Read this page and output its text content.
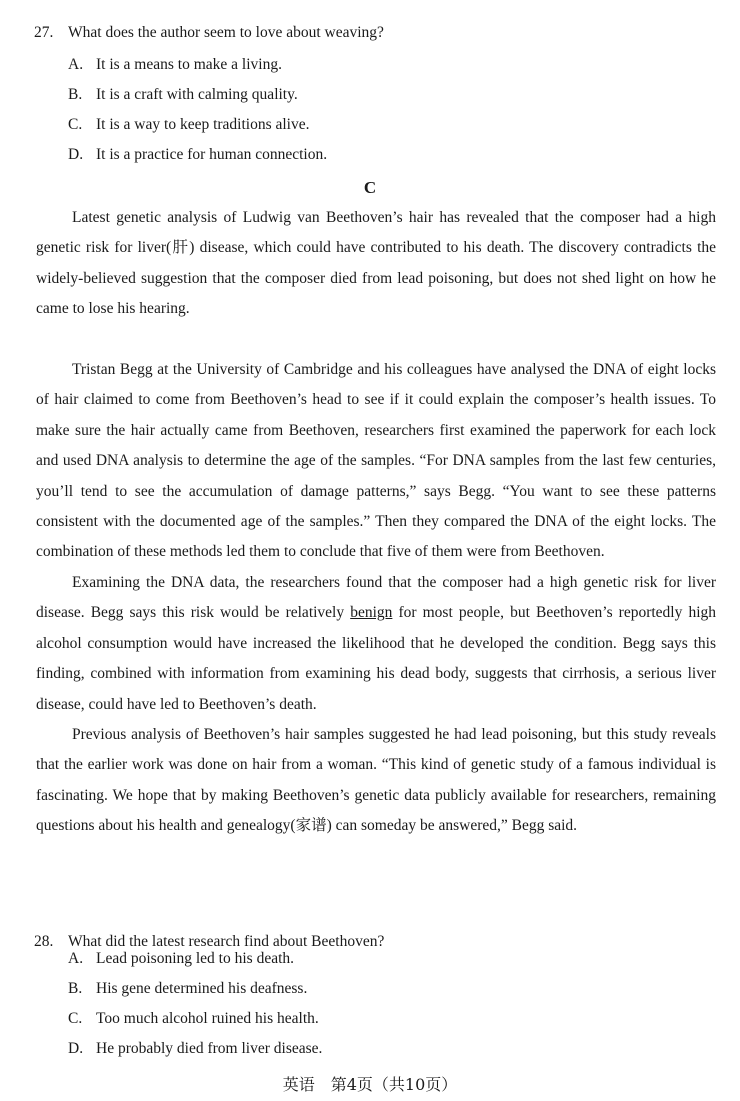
27. What does the author seem to love about weaving?
A. It is a means to make a living.
B. It is a craft with calming quality.
C. It is a way to keep traditions alive.
D. It is a practice for human connection.
C
Latest genetic analysis of Ludwig van Beethoven’s hair has revealed that the composer had a high genetic risk for liver(肝) disease, which could have contributed to his death. The discovery contradicts the widely-believed suggestion that the composer died from lead poisoning, but does not shed light on how he came to lose his hearing.
Tristan Begg at the University of Cambridge and his colleagues have analysed the DNA of eight locks of hair claimed to come from Beethoven’s head to see if it could explain the composer’s health issues. To make sure the hair actually came from Beethoven, researchers first examined the paperwork for each lock and used DNA analysis to determine the age of the samples. “For DNA samples from the last few centuries, you’ll tend to see the accumulation of damage patterns,” says Begg. “You want to see these patterns consistent with the documented age of the samples.” Then they compared the DNA of the eight locks. The combination of these methods led them to conclude that five of them were from Beethoven.
Examining the DNA data, the researchers found that the composer had a high genetic risk for liver disease. Begg says this risk would be relatively benign for most people, but Beethoven’s reportedly high alcohol consumption would have increased the likelihood that he developed the condition. Begg says this finding, combined with information from examining his dead body, suggests that cirrhosis, a serious liver disease, could have led to Beethoven’s death.
Previous analysis of Beethoven’s hair samples suggested he had lead poisoning, but this study reveals that the earlier work was done on hair from a woman. “This kind of genetic study of a famous individual is fascinating. We hope that by making Beethoven’s genetic data publicly available for researchers, remaining questions about his health and genealogy(家谱) can someday be answered,” Begg said.
28. What did the latest research find about Beethoven?
A. Lead poisoning led to his death.
B. His gene determined his deafness.
C. Too much alcohol ruined his health.
D. He probably died from liver disease.
英语　第4页（共10页）
